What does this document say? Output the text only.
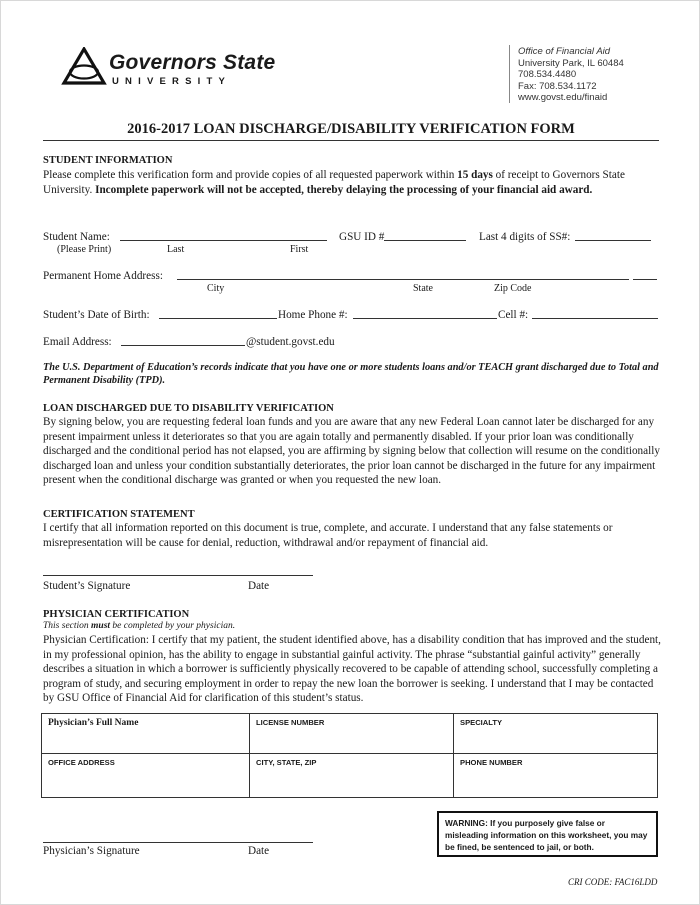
Governors State
UNIVERSITY
Office of Financial Aid
University Park, IL 60484
708.534.4480
Fax: 708.534.1172
www.govst.edu/finaid
2016-2017 LOAN DISCHARGE/DISABILITY VERIFICATION FORM
STUDENT INFORMATION
Please complete this verification form and provide copies of all requested paperwork within 15 days of receipt to Governors State University. Incomplete paperwork will not be accepted, thereby delaying the processing of your financial aid award.
Student Name:	GSU ID #	Last 4 digits of SS#:
(Please Print)	Last	First
Permanent Home Address:
City	State	Zip Code
Student’s Date of Birth:	Home Phone #:	Cell #:
Email Address:	@student.govst.edu
The U.S. Department of Education’s records indicate that you have one or more students loans and/or TEACH grant discharged due to Total and Permanent Disability (TPD).
LOAN DISCHARGED DUE TO DISABILITY VERIFICATION
By signing below, you are requesting federal loan funds and you are aware that any new Federal Loan cannot later be discharged for any present impairment unless it deteriorates so that you are again totally and permanently disabled. If your prior loan was conditionally discharged and the conditional period has not elapsed, you are affirming by signing below that collection will resume on the conditionally discharged loan and unless your condition substantially deteriorates, the prior loan cannot be discharged in the future for any impairment present when the conditional discharge was granted or when you requested the new loan.
CERTIFICATION STATEMENT
I certify that all information reported on this document is true, complete, and accurate. I understand that any false statements or misrepresentation will be cause for denial, reduction, withdrawal and/or repayment of financial aid.
Student’s Signature	Date
PHYSICIAN CERTIFICATION
This section must be completed by your physician.
Physician Certification: I certify that my patient, the student identified above, has a disability condition that has improved and the student, in my professional opinion, has the ability to engage in substantial gainful activity. The phrase “substantial gainful activity” generally describes a situation in which a borrower is sufficiently physically recovered to be capable of attending school, successfully completing a program of study, and securing employment in order to repay the new loan the borrower is seeking. I understand that I may be contacted by GSU Office of Financial Aid for clarification of this student’s status.
Physician’s Full Name	LICENSE NUMBER	SPECIALTY
OFFICE ADDRESS	CITY, STATE, ZIP	PHONE NUMBER
Physician’s Signature	Date
WARNING: If you purposely give false or misleading information on this worksheet, you may be fined, be sentenced to jail, or both.
CRI CODE: FAC16LDD
